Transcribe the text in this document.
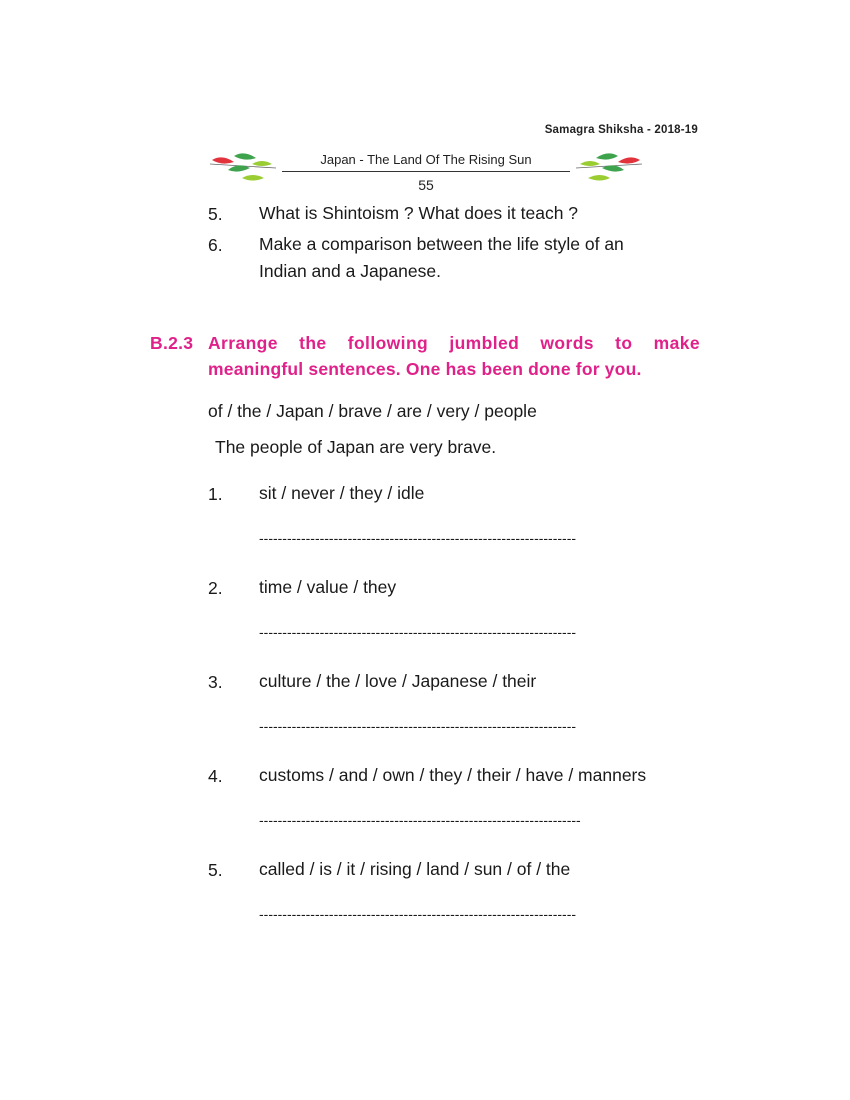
Samagra Shiksha - 2018-19
Japan - The Land Of The Rising Sun
55
5.	What is Shintoism ? What does it teach ?
6.	Make a comparison between the life style of an
Indian and a Japanese.
B.2.3 Arrange the following jumbled words to make
meaningful sentences. One has been done for you.
of / the / Japan / brave / are / very / people
The people of Japan are very brave.
1.	sit / never / they / idle
--------------------------------------------------------------------
2.	time / value / they
--------------------------------------------------------------------
3.	culture / the / love / Japanese / their
--------------------------------------------------------------------
4.	customs / and / own / they / their / have / manners
---------------------------------------------------------------------
5.	called / is / it / rising / land / sun / of / the
--------------------------------------------------------------------
